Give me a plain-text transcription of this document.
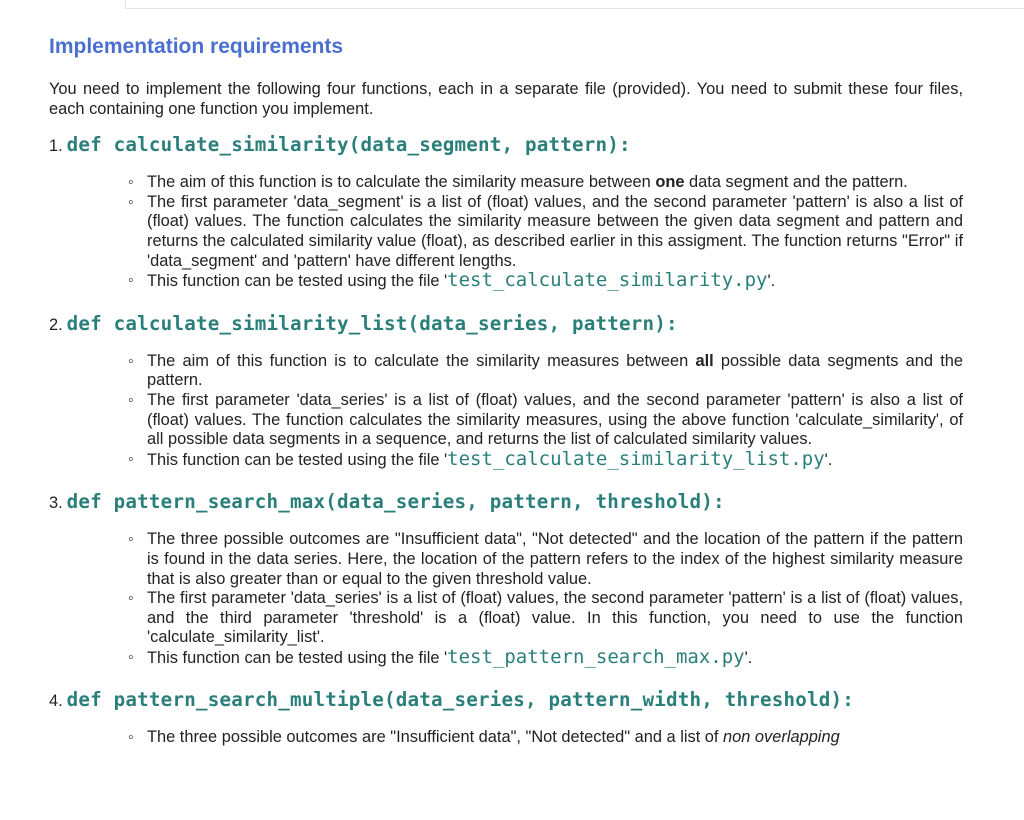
Implementation requirements

You need to implement the following four functions, each in a separate file (provided). You need to submit these four files, each containing one function you implement.

1. def calculate_similarity(data_segment, pattern):
◦ The aim of this function is to calculate the similarity measure between one data segment and the pattern.
◦ The first parameter 'data_segment' is a list of (float) values, and the second parameter 'pattern' is also a list of (float) values. The function calculates the similarity measure between the given data segment and pattern and returns the calculated similarity value (float), as described earlier in this assigment. The function returns "Error" if 'data_segment' and 'pattern' have different lengths.
◦ This function can be tested using the file 'test_calculate_similarity.py'.
2. def calculate_similarity_list(data_series, pattern):
◦ The aim of this function is to calculate the similarity measures between all possible data segments and the pattern.
◦ The first parameter 'data_series' is a list of (float) values, and the second parameter 'pattern' is also a list of (float) values. The function calculates the similarity measures, using the above function 'calculate_similarity', of all possible data segments in a sequence, and returns the list of calculated similarity values.
◦ This function can be tested using the file 'test_calculate_similarity_list.py'.
3. def pattern_search_max(data_series, pattern, threshold):
◦ The three possible outcomes are "Insufficient data", "Not detected" and the location of the pattern if the pattern is found in the data series. Here, the location of the pattern refers to the index of the highest similarity measure that is also greater than or equal to the given threshold value.
◦ The first parameter 'data_series' is a list of (float) values, the second parameter 'pattern' is a list of (float) values, and the third parameter 'threshold' is a (float) value. In this function, you need to use the function 'calculate_similarity_list'.
◦ This function can be tested using the file 'test_pattern_search_max.py'.
4. def pattern_search_multiple(data_series, pattern_width, threshold):
◦ The three possible outcomes are "Insufficient data", "Not detected" and a list of non overlapping
